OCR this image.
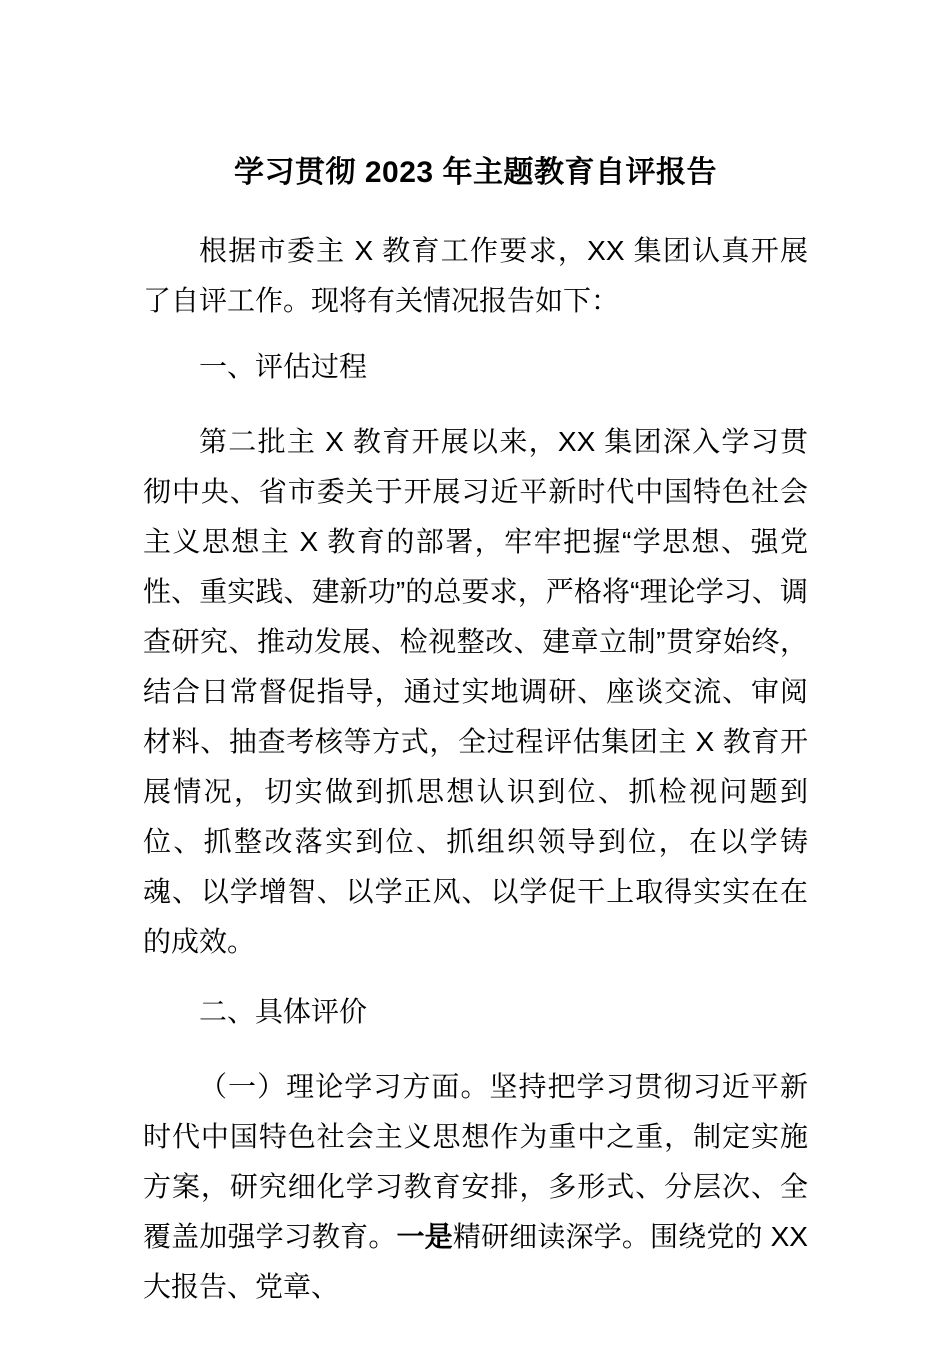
学习贯彻 2023 年主题教育自评报告

根据市委主 X 教育工作要求，XX 集团认真开展了自评工作。现将有关情况报告如下：

一、评估过程

第二批主 X 教育开展以来，XX 集团深入学习贯彻中央、省市委关于开展习近平新时代中国特色社会主义思想主 X 教育的部署，牢牢把握“学思想、强党性、重实践、建新功”的总要求，严格将“理论学习、调查研究、推动发展、检视整改、建章立制”贯穿始终，结合日常督促指导，通过实地调研、座谈交流、审阅材料、抽查考核等方式，全过程评估集团主 X 教育开展情况，切实做到抓思想认识到位、抓检视问题到位、抓整改落实到位、抓组织领导到位，在以学铸魂、以学增智、以学正风、以学促干上取得实实在在的成效。

二、具体评价

（一）理论学习方面。坚持把学习贯彻习近平新时代中国特色社会主义思想作为重中之重，制定实施方案，研究细化学习教育安排，多形式、分层次、全覆盖加强学习教育。一是精研细读深学。围绕党的 XX 大报告、党章、
